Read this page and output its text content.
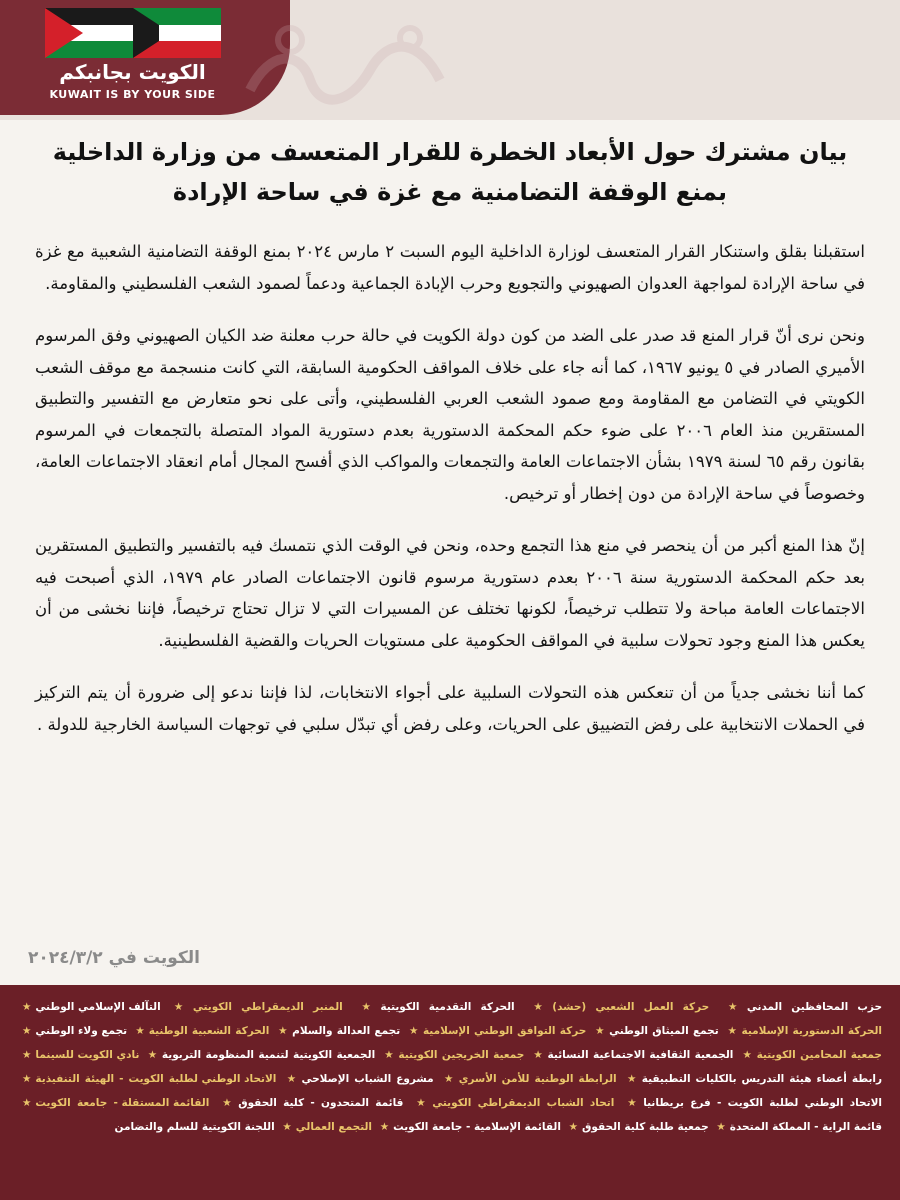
الكويت بجانبكم
KUWAIT IS BY YOUR SIDE
بيان مشترك حول الأبعاد الخطرة للقرار المتعسف من وزارة الداخلية
بمنع الوقفة التضامنية مع غزة في ساحة الإرادة

استقبلنا بقلق واستنكار القرار المتعسف لوزارة الداخلية اليوم السبت ٢ مارس ٢٠٢٤ بمنع الوقفة التضامنية الشعبية مع غزة في ساحة الإرادة لمواجهة العدوان الصهيوني والتجويع وحرب الإبادة الجماعية ودعماً لصمود الشعب الفلسطيني والمقاومة.

ونحن نرى أنّ قرار المنع قد صدر على الضد من كون دولة الكويت في حالة حرب معلنة ضد الكيان الصهيوني وفق المرسوم الأميري الصادر في ٥ يونيو ١٩٦٧، كما أنه جاء على خلاف المواقف الحكومية السابقة، التي كانت منسجمة مع موقف الشعب الكويتي في التضامن مع المقاومة ومع صمود الشعب العربي الفلسطيني، وأتى على نحو متعارض مع التفسير والتطبيق المستقرين منذ العام ٢٠٠٦ على ضوء حكم المحكمة الدستورية بعدم دستورية المواد المتصلة بالتجمعات في المرسوم بقانون رقم ٦٥ لسنة ١٩٧٩ بشأن الاجتماعات العامة والتجمعات والمواكب الذي أفسح المجال أمام انعقاد الاجتماعات العامة، وخصوصاً في ساحة الإرادة من دون إخطار أو ترخيص.

إنّ هذا المنع أكبر من أن ينحصر في منع هذا التجمع وحده، ونحن في الوقت الذي نتمسك فيه بالتفسير والتطبيق المستقرين بعد حكم المحكمة الدستورية سنة ٢٠٠٦ بعدم دستورية مرسوم قانون الاجتماعات الصادر عام ١٩٧٩، الذي أصبحت فيه الاجتماعات العامة مباحة ولا تتطلب ترخيصاً، لكونها تختلف عن المسيرات التي لا تزال تحتاج ترخيصاً، فإننا نخشى من أن يعكس هذا المنع وجود تحولات سلبية في المواقف الحكومية على مستويات الحريات والقضية الفلسطينية.

كما أننا نخشى جدياً من أن تنعكس هذه التحولات السلبية على أجواء الانتخابات، لذا فإننا ندعو إلى ضرورة أن يتم التركيز في الحملات الانتخابية على رفض التضييق على الحريات، وعلى رفض أي تبدّل سلبي في توجهات السياسة الخارجية للدولة .

الكويت في ٢٠٢٤/٣/٢
حزب المحافظين المدني★ حركة العمل الشعبي (حشد)★ الحركة التقدمية الكويتية★ المنبر الديمقراطي الكويتي★ التآلف الإسلامي الوطني★ الحركة الدستورية الإسلامية★ تجمع الميثاق الوطني★ حركة التوافق الوطني الإسلامية★ تجمع العدالة والسلام★ الحركة الشعبية الوطنية★ تجمع ولاء الوطني★ جمعية المحامين الكويتية★ الجمعية الثقافية الاجتماعية النسائية★ جمعية الخريجين الكويتية★ الجمعية الكويتية لتنمية المنظومة التربوية★ نادي الكويت للسينما★ رابطة أعضاء هيئة التدريس بالكليات التطبيقية★ الرابطة الوطنية للأمن الأسري★ مشروع الشباب الإصلاحي★ الاتحاد الوطني لطلبة الكويت - الهيئة التنفيذية★ الاتحاد الوطني لطلبة الكويت - فرع بريطانيا★ اتحاد الشباب الديمقراطي الكويتي★ قائمة المتحدون - كلية الحقوق★ القائمة المستقلة - جامعة الكويت★ قائمة الراية - المملكة المتحدة★ جمعية طلبة كلية الحقوق★ القائمة الإسلامية - جامعة الكويت★ التجمع العمالي★ اللجنة الكويتية للسلم والتضامن
